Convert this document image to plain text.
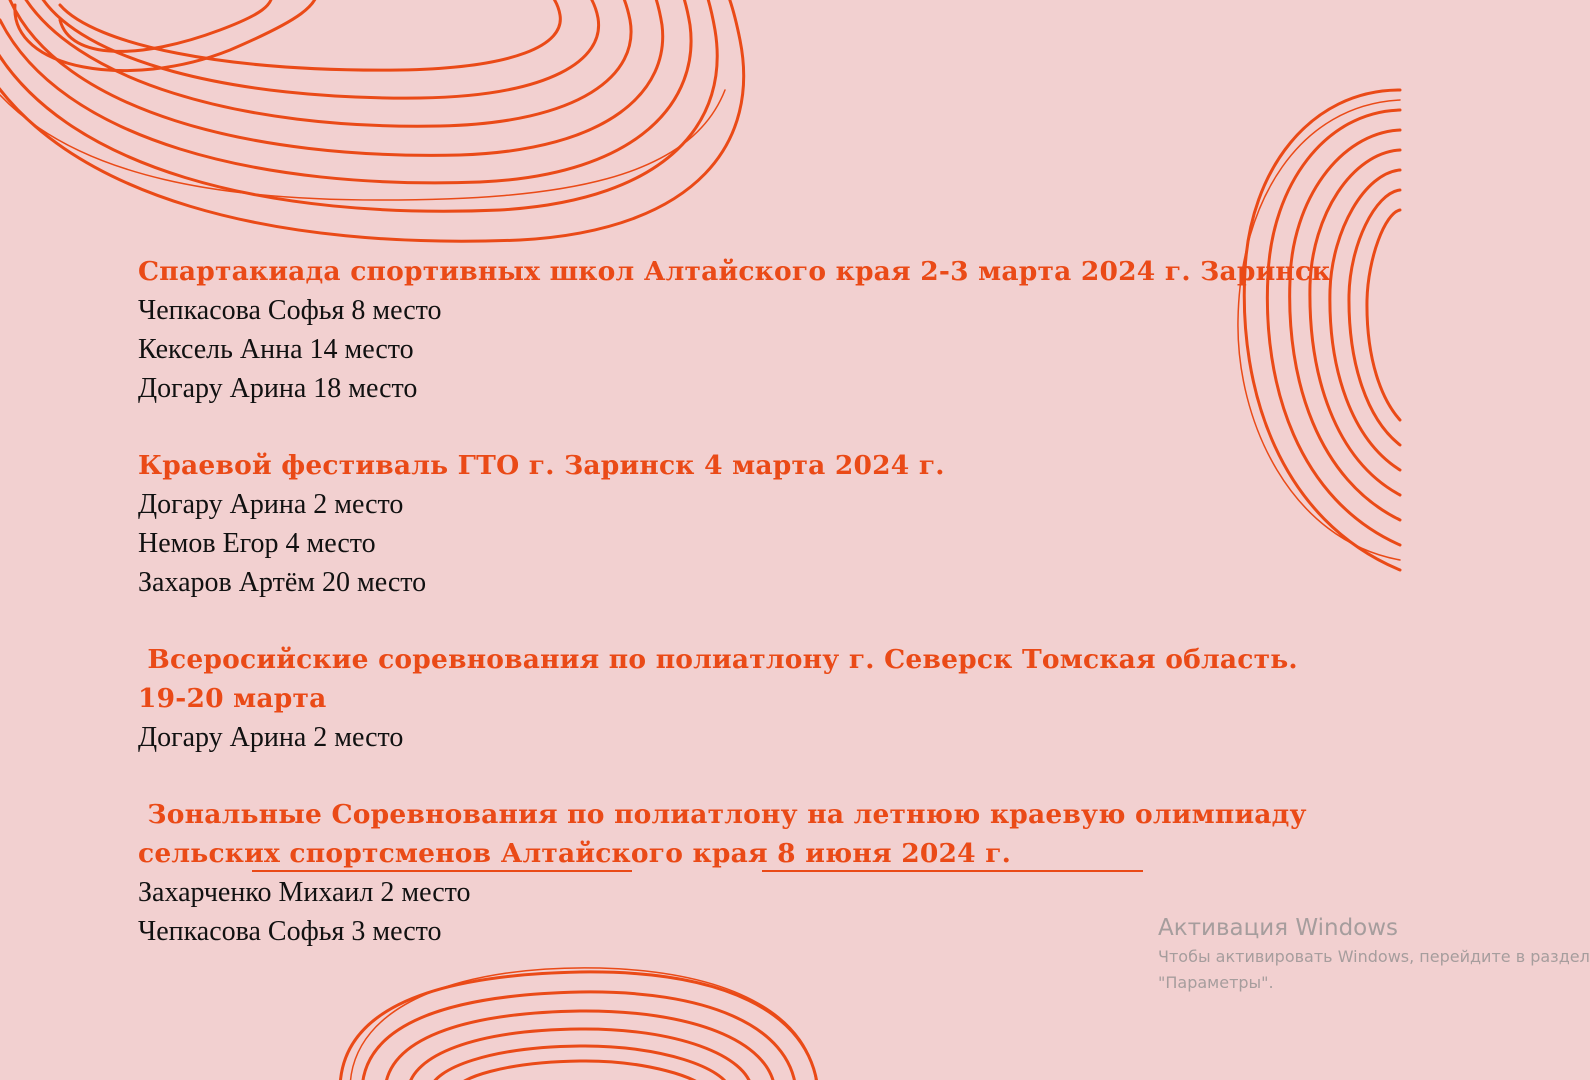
Спартакиада спортивных школ Алтайского края 2-3 марта 2024 г. Заринск

Чепкасова Софья 8 место

Кексель Анна 14 место

Догару Арина 18 место

Краевой фестиваль ГТО г. Заринск 4 марта 2024 г.

Догару Арина 2 место

Немов Егор 4 место

Захаров Артём 20 место

Всеросийские соревнования по полиатлону г. Северск Томская область.

19-20 марта

Догару Арина 2 место

Зональные Соревнования по полиатлону на летнюю краевую олимпиаду

сельских спортсменов Алтайского края 8 июня 2024 г.

Захарченко Михаил 2 место

Чепкасова Софья 3 место	Активация Windows
Чтобы активировать Windows, перейдите в раздел
"Параметры".
